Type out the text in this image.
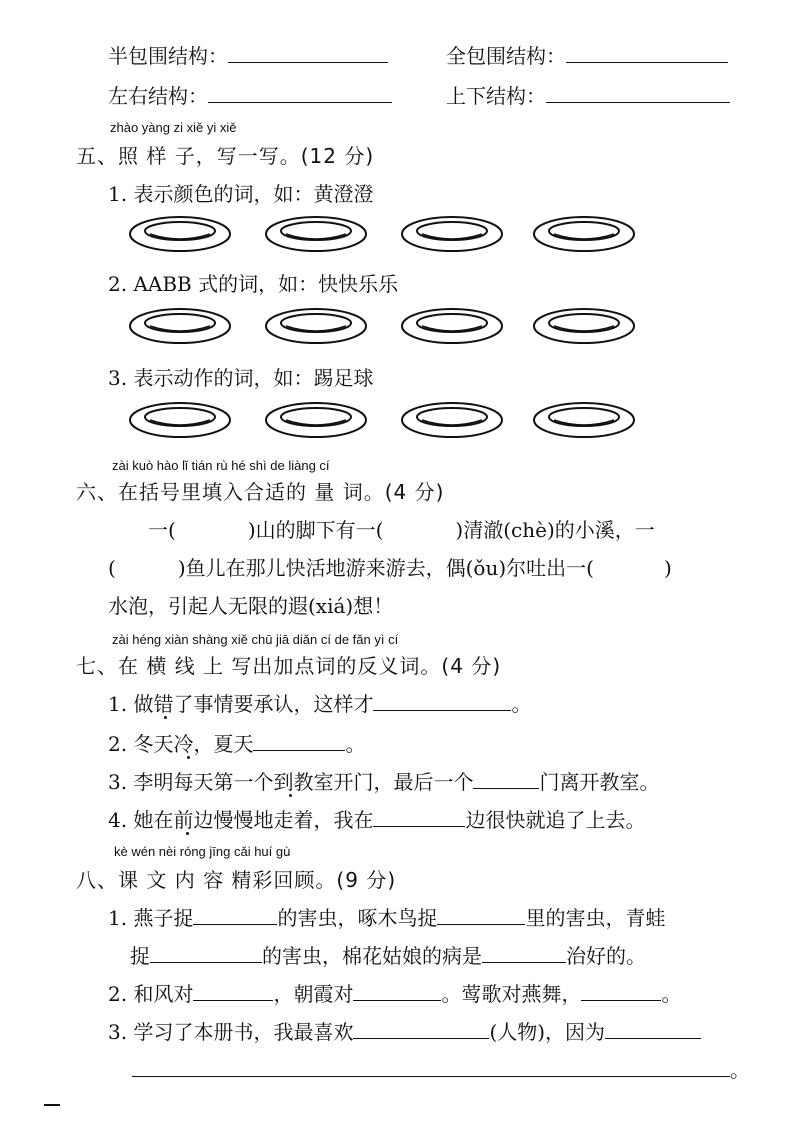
半包围结构：	全包围结构：
左右结构：	上下结构：
zhào yàng zi xiě yi xiě
五、照 样 子，写一写。(12 分)
1. 表示颜色的词，如：黄澄澄
2. AABB 式的词，如：快快乐乐
3. 表示动作的词，如：踢足球
zài kuò hào lǐ tián rù hé shì de liàng cí
六、在括号里填入合适的 量 词。(4 分)
一(	)山的脚下有一(	)清澈(chè)的小溪，一
(	)鱼儿在那儿快活地游来游去，偶(ǒu)尔吐出一(	)
水泡，引起人无限的遐(xiá)想！
zài héng xiàn shàng xiě chū jiā diǎn cí de fǎn yì cí
七、在 横 线 上 写出加点词的反义词。(4 分)
1. 做错了事情要承认，这样才	。
2. 冬天冷，夏天	。
3. 李明每天第一个到教室开门，最后一个	门离开教室。
4. 她在前边慢慢地走着，我在	边很快就追了上去。
kè wén nèi róng jīng cǎi huí gù
八、课 文 内 容 精彩回顾。(9 分)
1. 燕子捉	的害虫，啄木鸟捉	里的害虫，青蛙
捉	的害虫，棉花姑娘的病是	治好的。
2. 和风对	，朝霞对	。莺歌对燕舞，	。
3. 学习了本册书，我最喜欢	(人物)，因为
。
